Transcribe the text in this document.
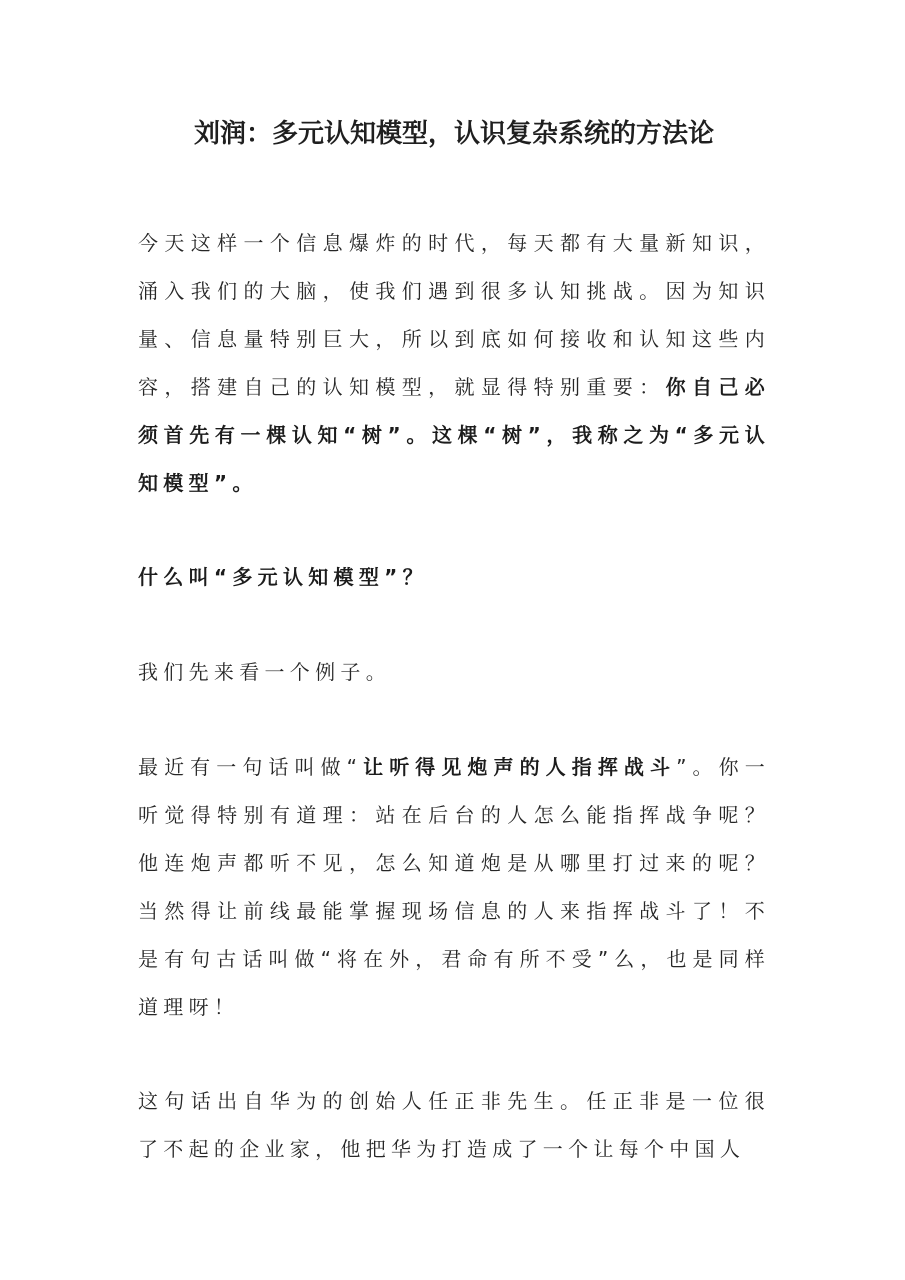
刘润：多元认知模型，认识复杂系统的方法论

今天这样一个信息爆炸的时代，每天都有大量新知识，涌入我们的大脑，使我们遇到很多认知挑战。因为知识量、信息量特别巨大，所以到底如何接收和认知这些内容，搭建自己的认知模型，就显得特别重要：你自己必须首先有一棵认知“树”。这棵“树”，我称之为“多元认知模型”。

什么叫“多元认知模型”？

我们先来看一个例子。

最近有一句话叫做“让听得见炮声的人指挥战斗”。你一听觉得特别有道理：站在后台的人怎么能指挥战争呢？他连炮声都听不见，怎么知道炮是从哪里打过来的呢？当然得让前线最能掌握现场信息的人来指挥战斗了！不是有句古话叫做“将在外，君命有所不受”么，也是同样道理呀！

这句话出自华为的创始人任正非先生。任正非是一位很了不起的企业家，他把华为打造成了一个让每个中国人
